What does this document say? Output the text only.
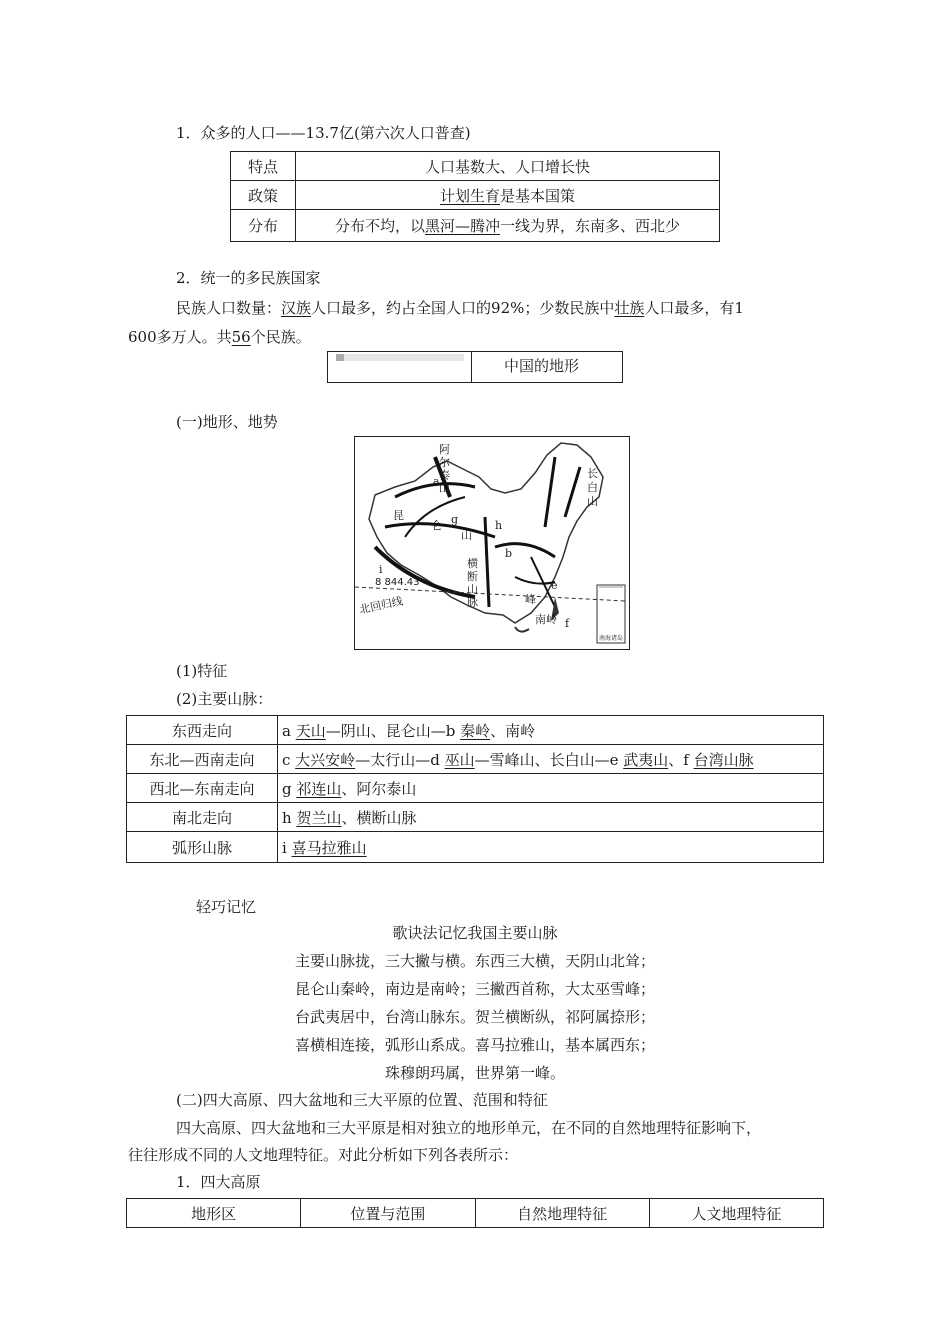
1．众多的人口——13.7亿(第六次人口普查)
特点	人口基数大、人口增长快
政策	计划生育是基本国策
分布	分布不均，以黑河—腾冲一线为界，东南多、西北少
2．统一的多民族国家
民族人口数量：汉族人口最多，约占全国人口的92%；少数民族中壮族人口最多，有1
600多万人。共56个民族。
中国的地形
(一)地形、地势
阿
尔
泰
山
a
昆
仑
山
i
8 844.43
北回归线
横
断
山
脉
长
白
山
e
f
南海诸岛
峰
南岭
g	h
b
(1)特征
(2)主要山脉：
东西走向	a 天山—阴山、昆仑山—b 秦岭、南岭
东北—西南走向	c 大兴安岭—太行山—d 巫山—雪峰山、长白山—e 武夷山、f 台湾山脉
西北—东南走向	g 祁连山、阿尔泰山
南北走向	h 贺兰山、横断山脉
弧形山脉	i 喜马拉雅山
轻巧记忆
歌诀法记忆我国主要山脉
主要山脉拢，三大撇与横。东西三大横，天阴山北耸；
昆仑山秦岭，南边是南岭；三撇西首称，大太巫雪峰；
台武夷居中，台湾山脉东。贺兰横断纵，祁阿属捺形；
喜横相连接，弧形山系成。喜马拉雅山，基本属西东；
珠穆朗玛属，世界第一峰。
(二)四大高原、四大盆地和三大平原的位置、范围和特征
四大高原、四大盆地和三大平原是相对独立的地形单元，在不同的自然地理特征影响下，
往往形成不同的人文地理特征。对此分析如下列各表所示：
1．四大高原
地形区	位置与范围	自然地理特征	人文地理特征
